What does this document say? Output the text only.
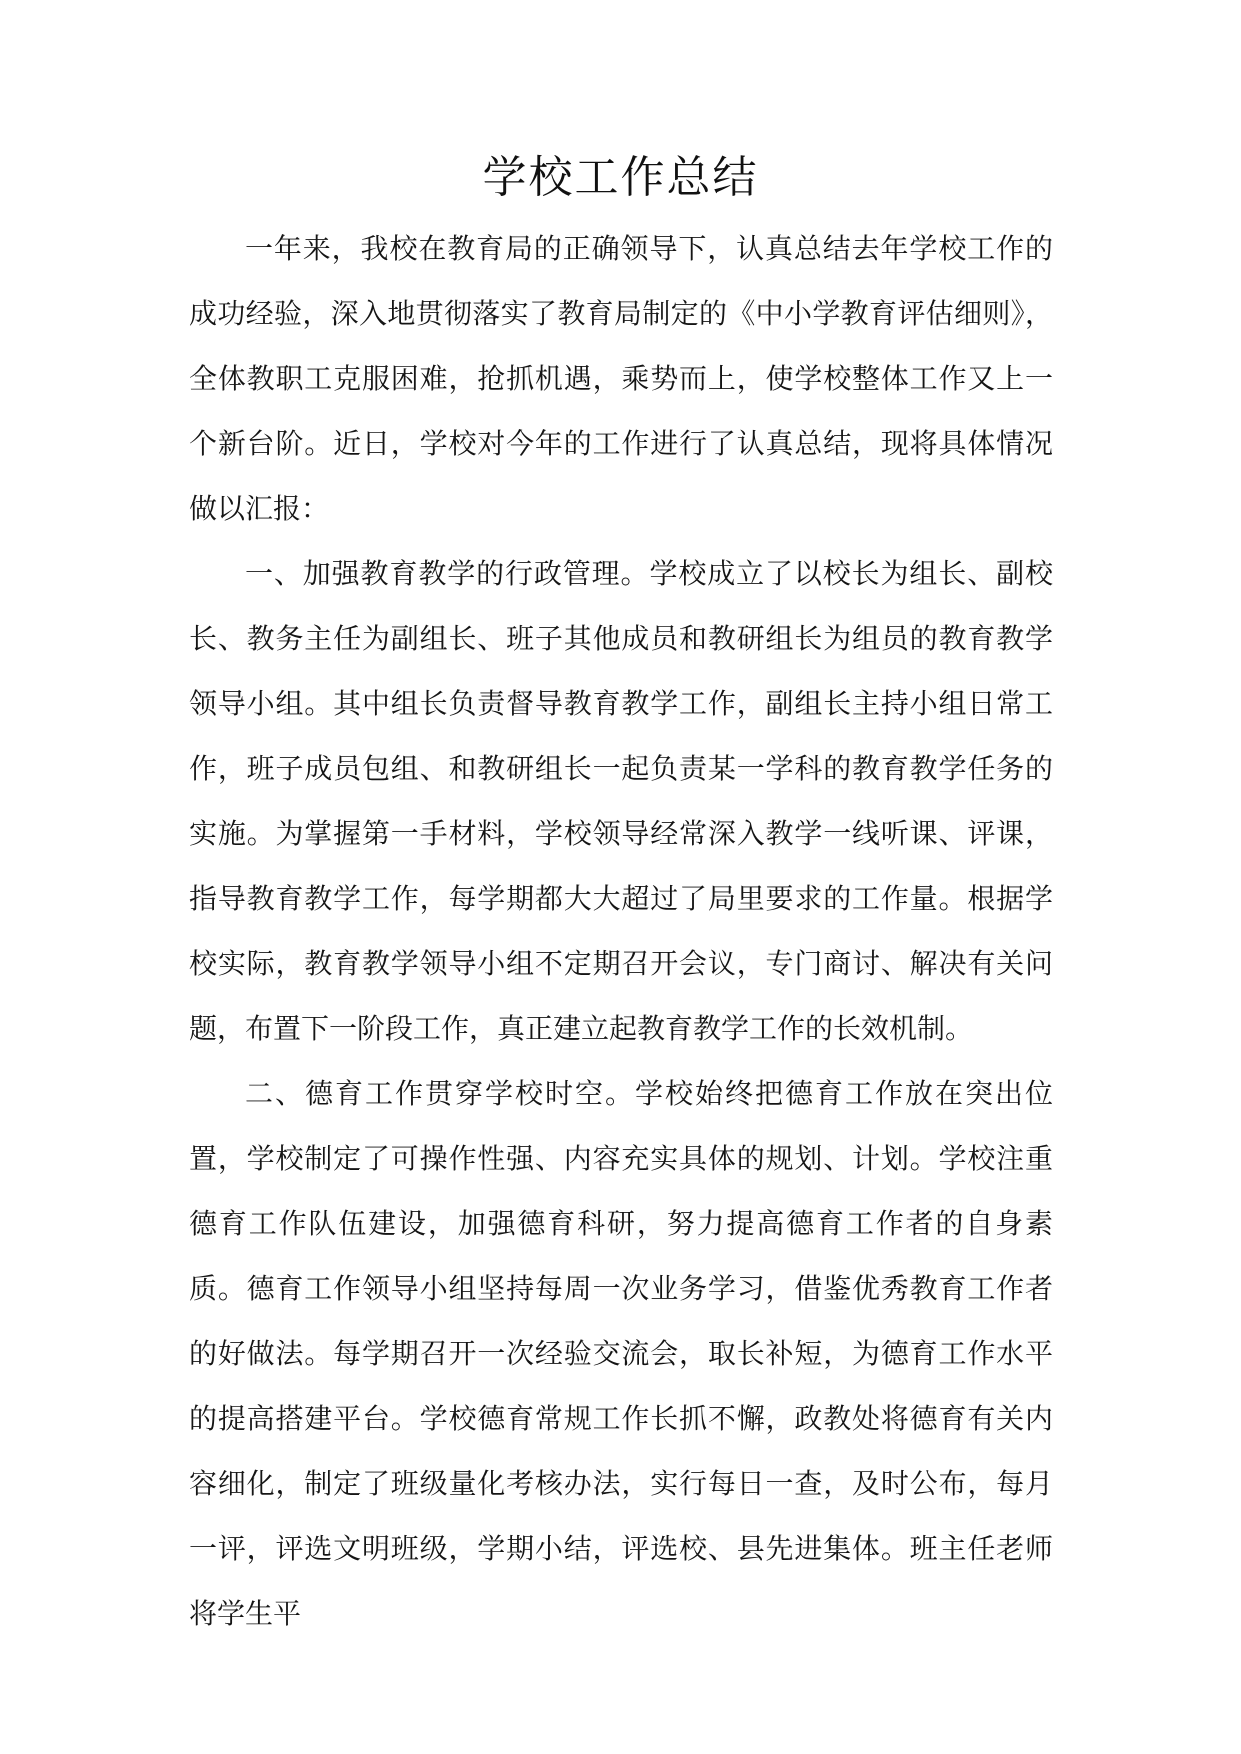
学校工作总结

一年来，我校在教育局的正确领导下，认真总结去年学校工作的成功经验，深入地贯彻落实了教育局制定的《中小学教育评估细则》，全体教职工克服困难，抢抓机遇，乘势而上，使学校整体工作又上一个新台阶。近日，学校对今年的工作进行了认真总结，现将具体情况做以汇报：

一、加强教育教学的行政管理。学校成立了以校长为组长、副校长、教务主任为副组长、班子其他成员和教研组长为组员的教育教学领导小组。其中组长负责督导教育教学工作，副组长主持小组日常工作，班子成员包组、和教研组长一起负责某一学科的教育教学任务的实施。为掌握第一手材料，学校领导经常深入教学一线听课、评课，指导教育教学工作，每学期都大大超过了局里要求的工作量。根据学校实际，教育教学领导小组不定期召开会议，专门商讨、解决有关问题，布置下一阶段工作，真正建立起教育教学工作的长效机制。

二、德育工作贯穿学校时空。学校始终把德育工作放在突出位置，学校制定了可操作性强、内容充实具体的规划、计划。学校注重德育工作队伍建设，加强德育科研，努力提高德育工作者的自身素质。德育工作领导小组坚持每周一次业务学习，借鉴优秀教育工作者的好做法。每学期召开一次经验交流会，取长补短，为德育工作水平的提高搭建平台。学校德育常规工作长抓不懈，政教处将德育有关内容细化，制定了班级量化考核办法，实行每日一查，及时公布，每月一评，评选文明班级，学期小结，评选校、县先进集体。班主任老师将学生平
